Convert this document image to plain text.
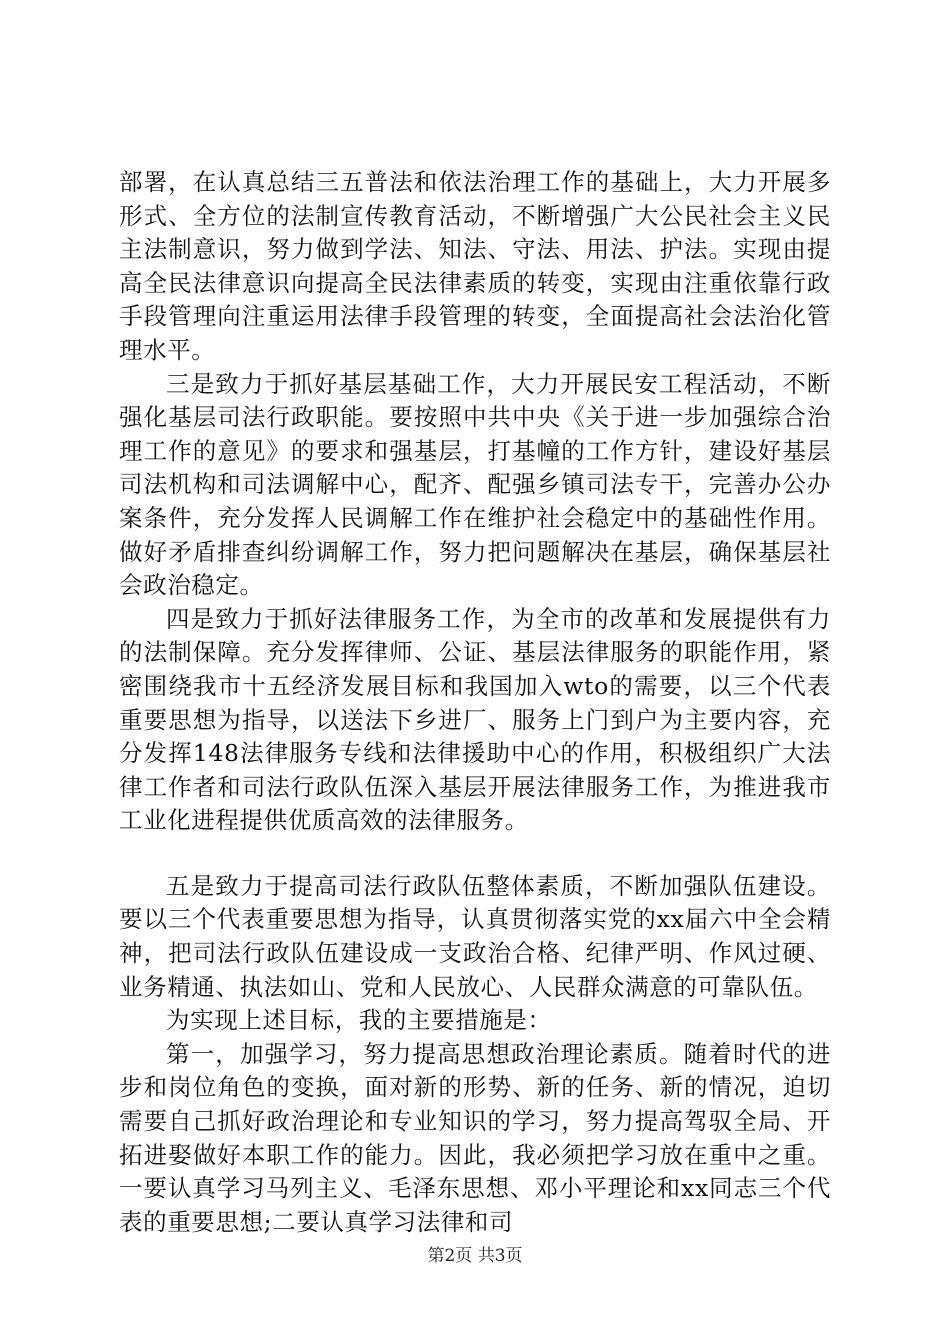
部署，在认真总结三五普法和依法治理工作的基础上，大力开展多形式、全方位的法制宣传教育活动，不断增强广大公民社会主义民主法制意识，努力做到学法、知法、守法、用法、护法。实现由提高全民法律意识向提高全民法律素质的转变，实现由注重依靠行政手段管理向注重运用法律手段管理的转变，全面提高社会法治化管理水平。

三是致力于抓好基层基础工作，大力开展民安工程活动，不断强化基层司法行政职能。要按照中共中央《关于进一步加强综合治理工作的意见》的要求和强基层，打基幢的工作方针，建设好基层司法机构和司法调解中心，配齐、配强乡镇司法专干，完善办公办案条件，充分发挥人民调解工作在维护社会稳定中的基础性作用。做好矛盾排查纠纷调解工作，努力把问题解决在基层，确保基层社会政治稳定。

四是致力于抓好法律服务工作，为全市的改革和发展提供有力的法制保障。充分发挥律师、公证、基层法律服务的职能作用，紧密围绕我市十五经济发展目标和我国加入wto的需要，以三个代表重要思想为指导，以送法下乡进厂、服务上门到户为主要内容，充分发挥148法律服务专线和法律援助中心的作用，积极组织广大法律工作者和司法行政队伍深入基层开展法律服务工作，为推进我市工业化进程提供优质高效的法律服务。

五是致力于提高司法行政队伍整体素质，不断加强队伍建设。要以三个代表重要思想为指导，认真贯彻落实党的xx届六中全会精神，把司法行政队伍建设成一支政治合格、纪律严明、作风过硬、业务精通、执法如山、党和人民放心、人民群众满意的可靠队伍。

为实现上述目标，我的主要措施是：

第一，加强学习，努力提高思想政治理论素质。随着时代的进步和岗位角色的变换，面对新的形势、新的任务、新的情况，迫切需要自己抓好政治理论和专业知识的学习，努力提高驾驭全局、开拓进娶做好本职工作的能力。因此，我必须把学习放在重中之重。一要认真学习马列主义、毛泽东思想、邓小平理论和xx同志三个代表的重要思想;二要认真学习法律和司

第2页 共3页
